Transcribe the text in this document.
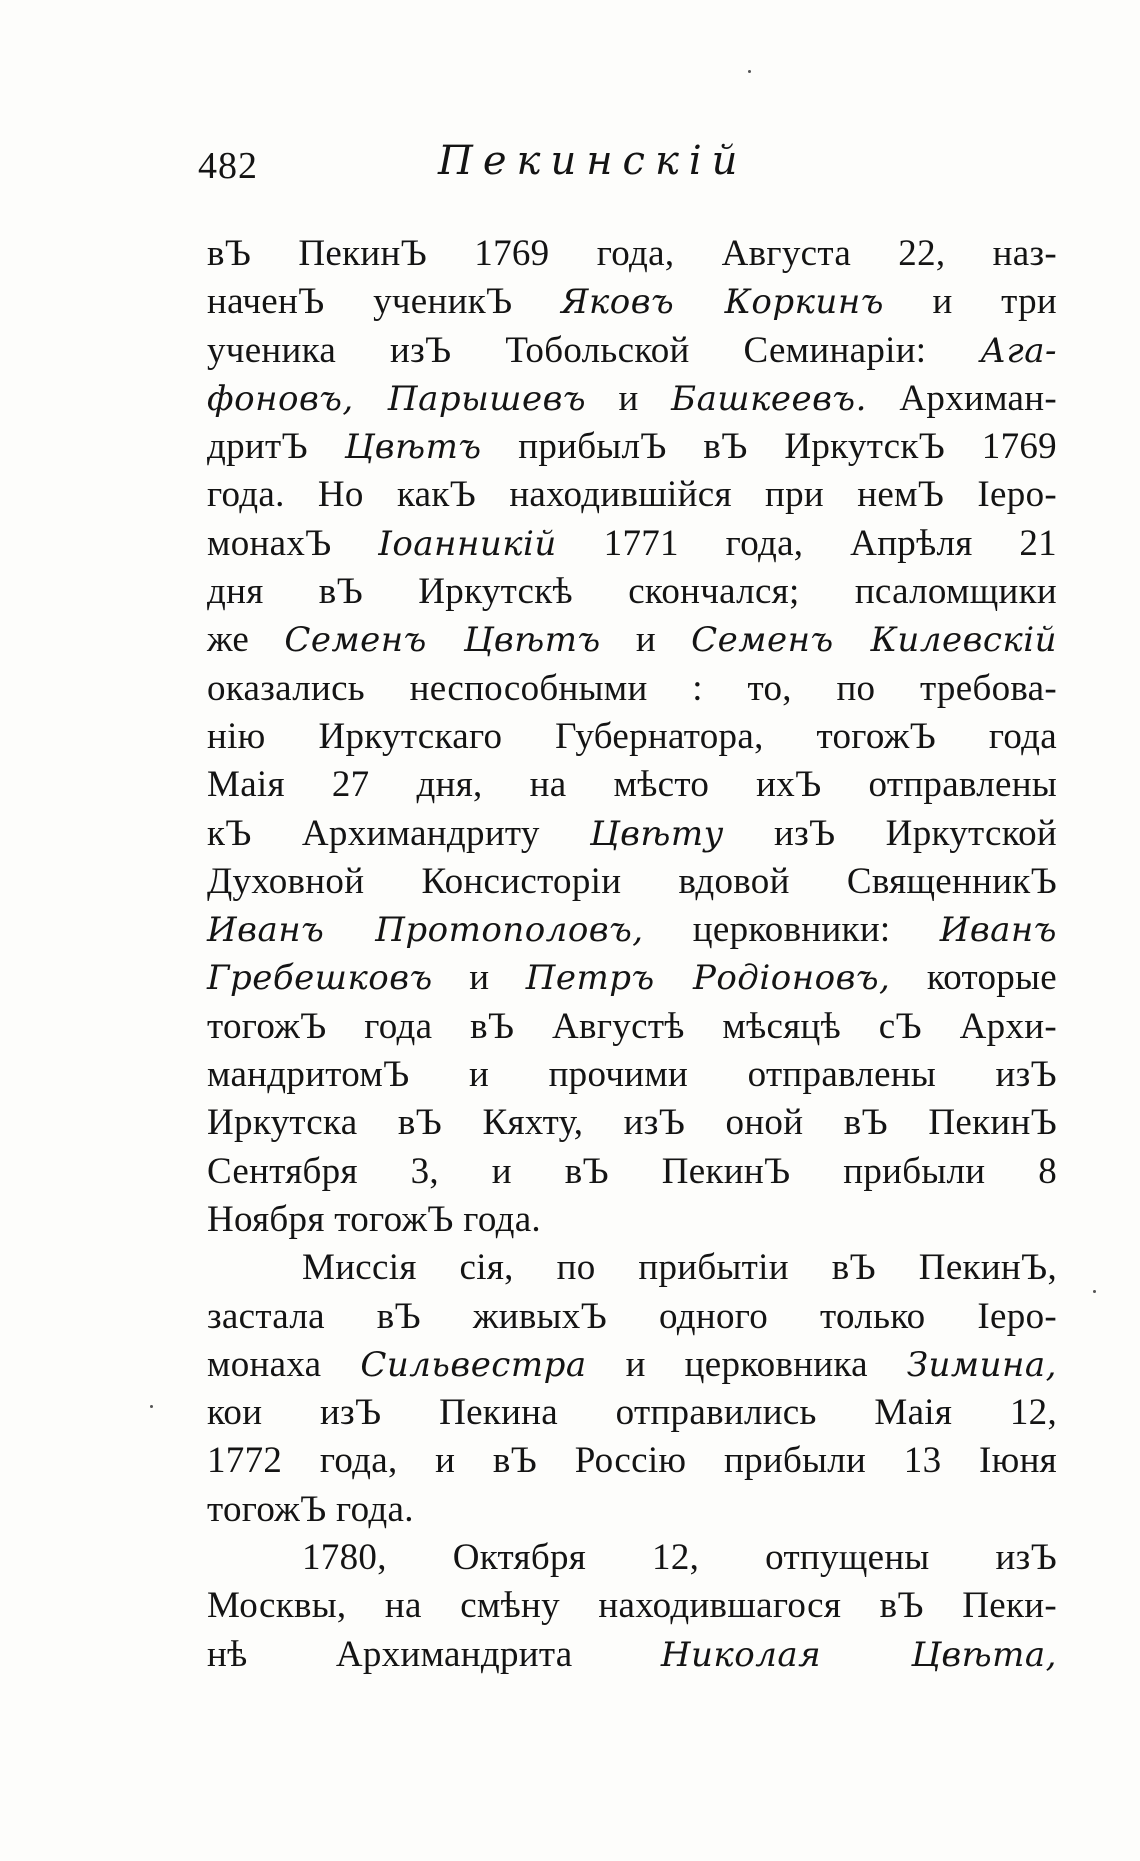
482	Пекинскій
вЪ ПекинЪ 1769 года, Августа 22, наз-
наченЪ ученикЪ Яковъ Коркинъ и три
ученика изЪ Тобольской Семинаріи: Ага-
фоновъ, Парышевъ и Башкеевъ. Архиман-
дритЪ Цвѣтъ прибылЪ вЪ ИркутскЪ 1769
года. Но какЪ находившійся при немЪ Іеро-
монахЪ Іоанникій 1771 года, Апрѣля 21
дня вЪ Иркутскѣ скончался; псаломщики
же Семенъ Цвѣтъ и Семенъ Килевскій
оказались неспособными : то, по требова-
нію Иркутскаго Губернатора, тогожЪ года
Маія 27 дня, на мѣсто ихЪ отправлены
кЪ Архимандриту Цвѣту изЪ Иркутской
Духовной Консисторіи вдовой СвященникЪ
Иванъ Протополовъ, церковники: Иванъ
Гребешковъ и Петръ Родіоновъ, которые
тогожЪ года вЪ Августѣ мѣсяцѣ сЪ Архи-
мандритомЪ и прочими отправлены изЪ
Иркутска вЪ Кяхту, изЪ оной вЪ ПекинЪ
Сентября 3, и вЪ ПекинЪ прибыли 8
Ноября тогожЪ года.
Миссія сія, по прибытіи вЪ ПекинЪ,
застала вЪ живыхЪ одного только Іеро-
монаха Сильвестра и церковника Зимина,
кои изЪ Пекина отправились Маія 12,
1772 года, и вЪ Россію прибыли 13 Іюня
тогожЪ года.
1780, Октября 12, отпущены изЪ
Москвы, на смѣну находившагося вЪ Пеки-
нѣ Архимандрита Николая Цвѣта,
